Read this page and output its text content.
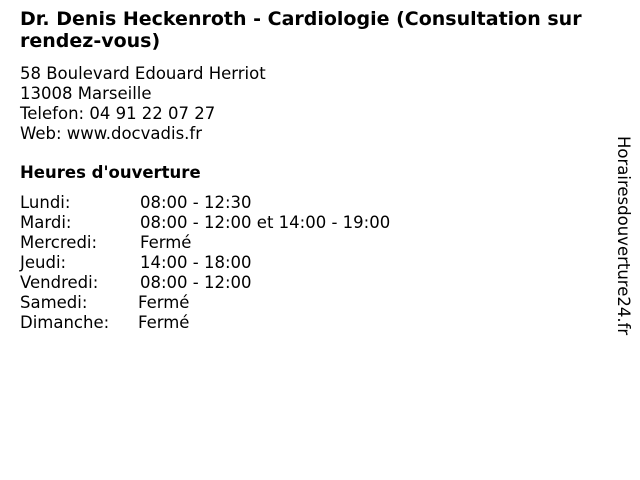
Dr. Denis Heckenroth - Cardiologie (Consultation sur rendez-vous)
58 Boulevard Edouard Herriot
13008 Marseille
Telefon: 04 91 22 07 27
Web: www.docvadis.fr
Heures d'ouverture
Lundi:	08:00 - 12:30
Mardi:	08:00 - 12:00 et 14:00 - 19:00
Mercredi:	Fermé
Jeudi:	14:00 - 18:00
Vendredi:	08:00 - 12:00
Samedi:	Fermé
Dimanche: Fermé	Horairesdouverture24.fr
